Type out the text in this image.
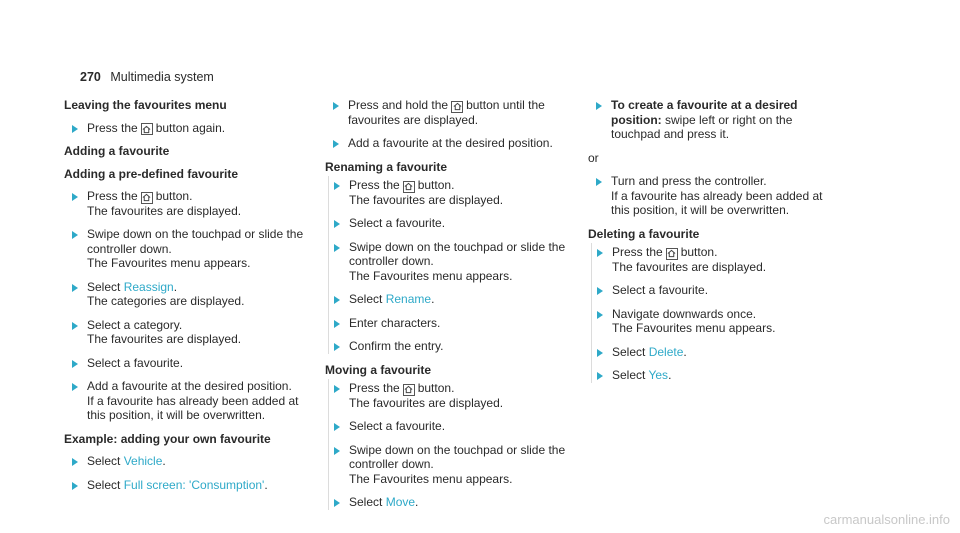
270 Multimedia system
Leaving the favourites menu
Press the button again.
Adding a favourite
Adding a pre-defined favourite
Press the button.
The favourites are displayed.
Swipe down on the touchpad or slide the controller down.
The Favourites menu appears.
Select Reassign.
The categories are displayed.
Select a category.
The favourites are displayed.
Select a favourite.
Add a favourite at the desired position.
If a favourite has already been added at this position, it will be overwritten.
Example: adding your own favourite
Select Vehicle.
Select Full screen: 'Consumption'.
Press and hold the button until the favourites are displayed.
Add a favourite at the desired position.
Renaming a favourite
Press the button.
The favourites are displayed.
Select a favourite.
Swipe down on the touchpad or slide the controller down.
The Favourites menu appears.
Select Rename.
Enter characters.
Confirm the entry.
Moving a favourite
Press the button.
The favourites are displayed.
Select a favourite.
Swipe down on the touchpad or slide the controller down.
The Favourites menu appears.
Select Move.
To create a favourite at a desired position: swipe left or right on the touchpad and press it.
or
Turn and press the controller.
If a favourite has already been added at this position, it will be overwritten.
Deleting a favourite
Press the button.
The favourites are displayed.
Select a favourite.
Navigate downwards once.
The Favourites menu appears.
Select Delete.
Select Yes.
carmanualsonline.info
